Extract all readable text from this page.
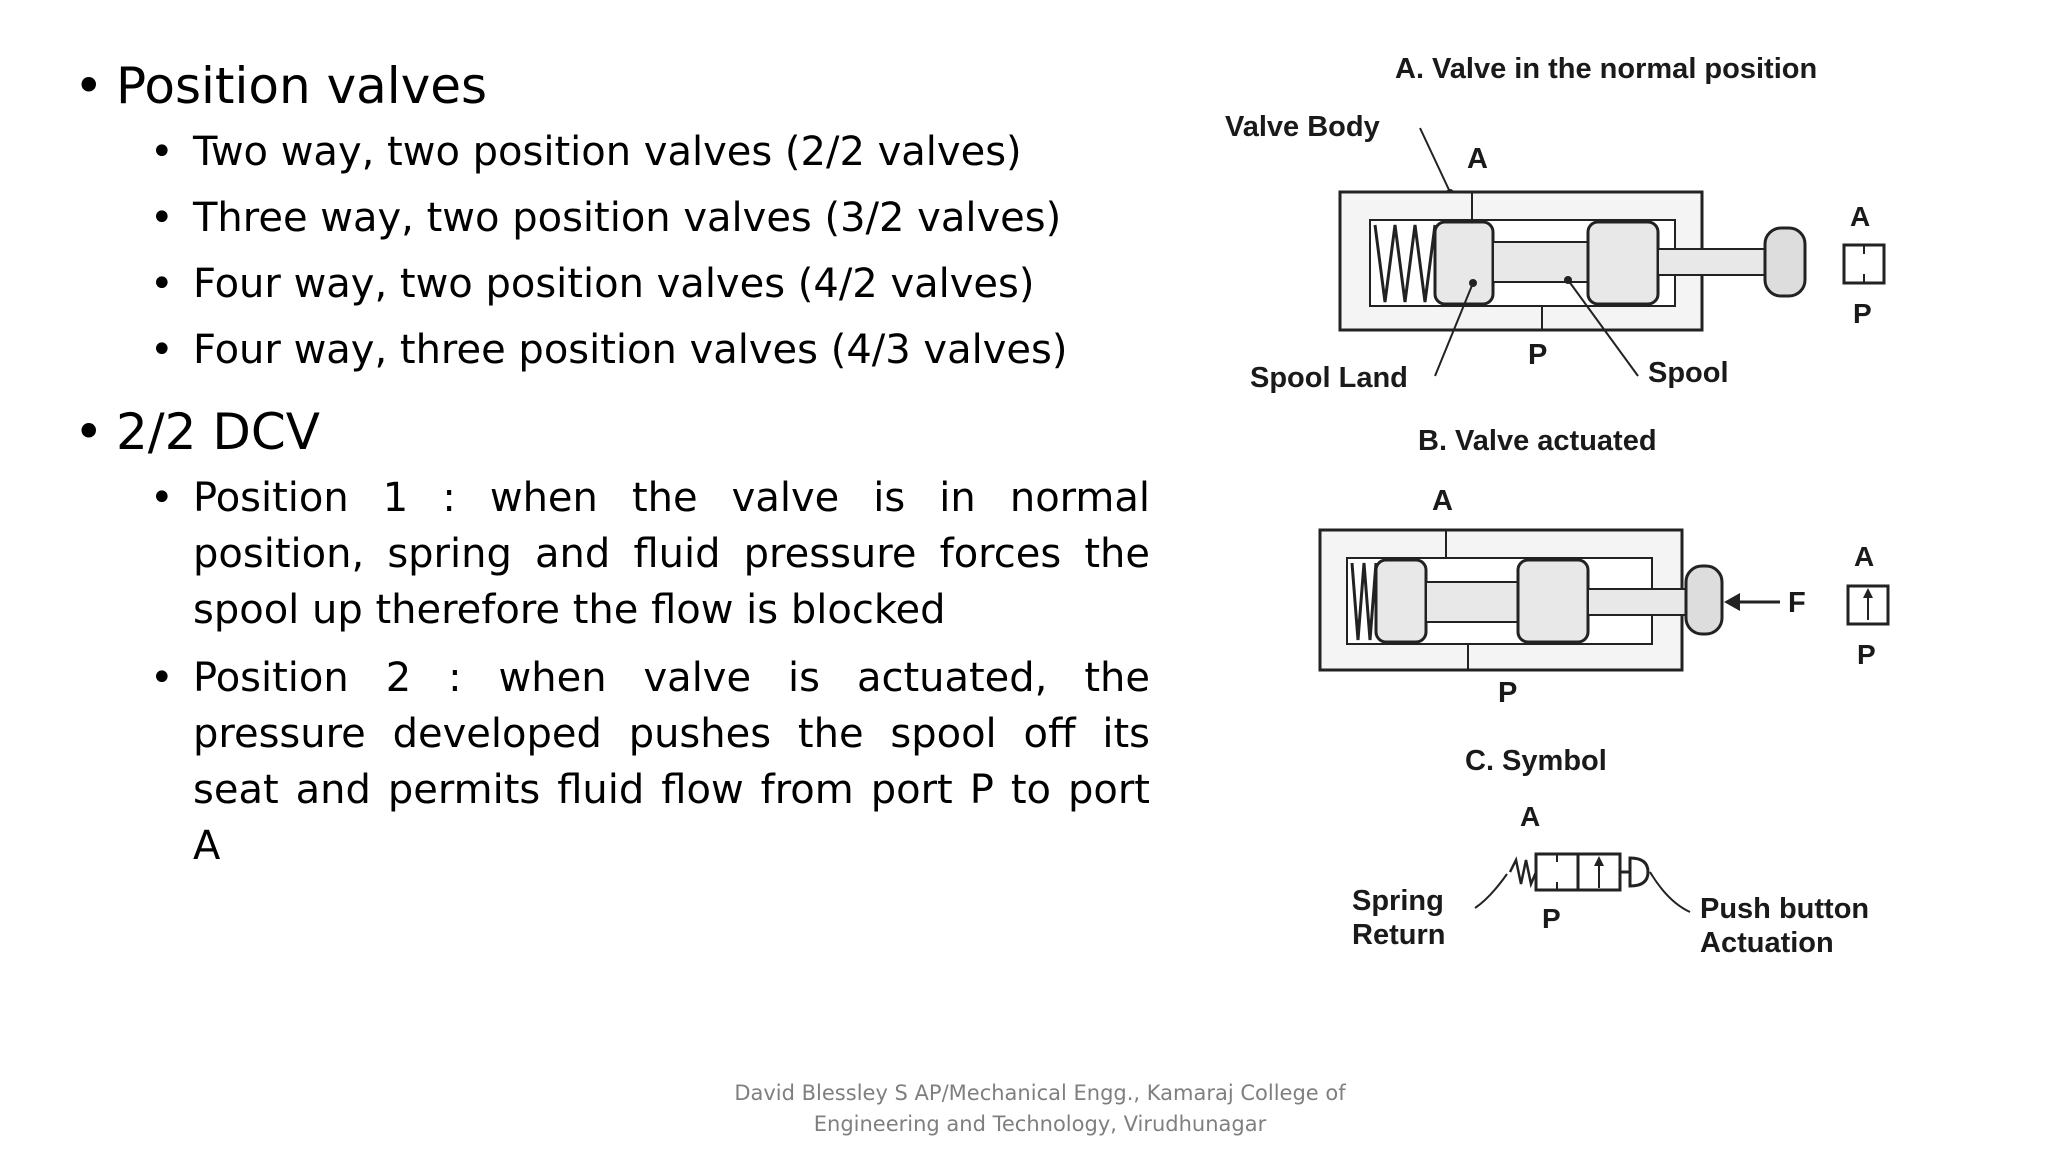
• Position valves
• Two way, two position valves (2/2 valves)
• Three way, two position valves (3/2 valves)
• Four way, two position valves (4/2 valves)
• Four way, three position valves (4/3 valves)
• 2/2 DCV
• Position 1 : when the valve is in normal position, spring and fluid pressure forces the spool up therefore the flow is blocked
• Position 2 : when valve is actuated, the pressure developed pushes the spool off its seat and permits fluid flow from port P to port A
A. Valve in the normal position
Valve Body
A
Spool Land
P
Spool
A
P
B. Valve actuated
A
F
P
A
P
C. Symbol
A
P
Spring
Return
Push button
Actuation
David Blessley S AP/Mechanical Engg., Kamaraj College of
Engineering and Technology, Virudhunagar
